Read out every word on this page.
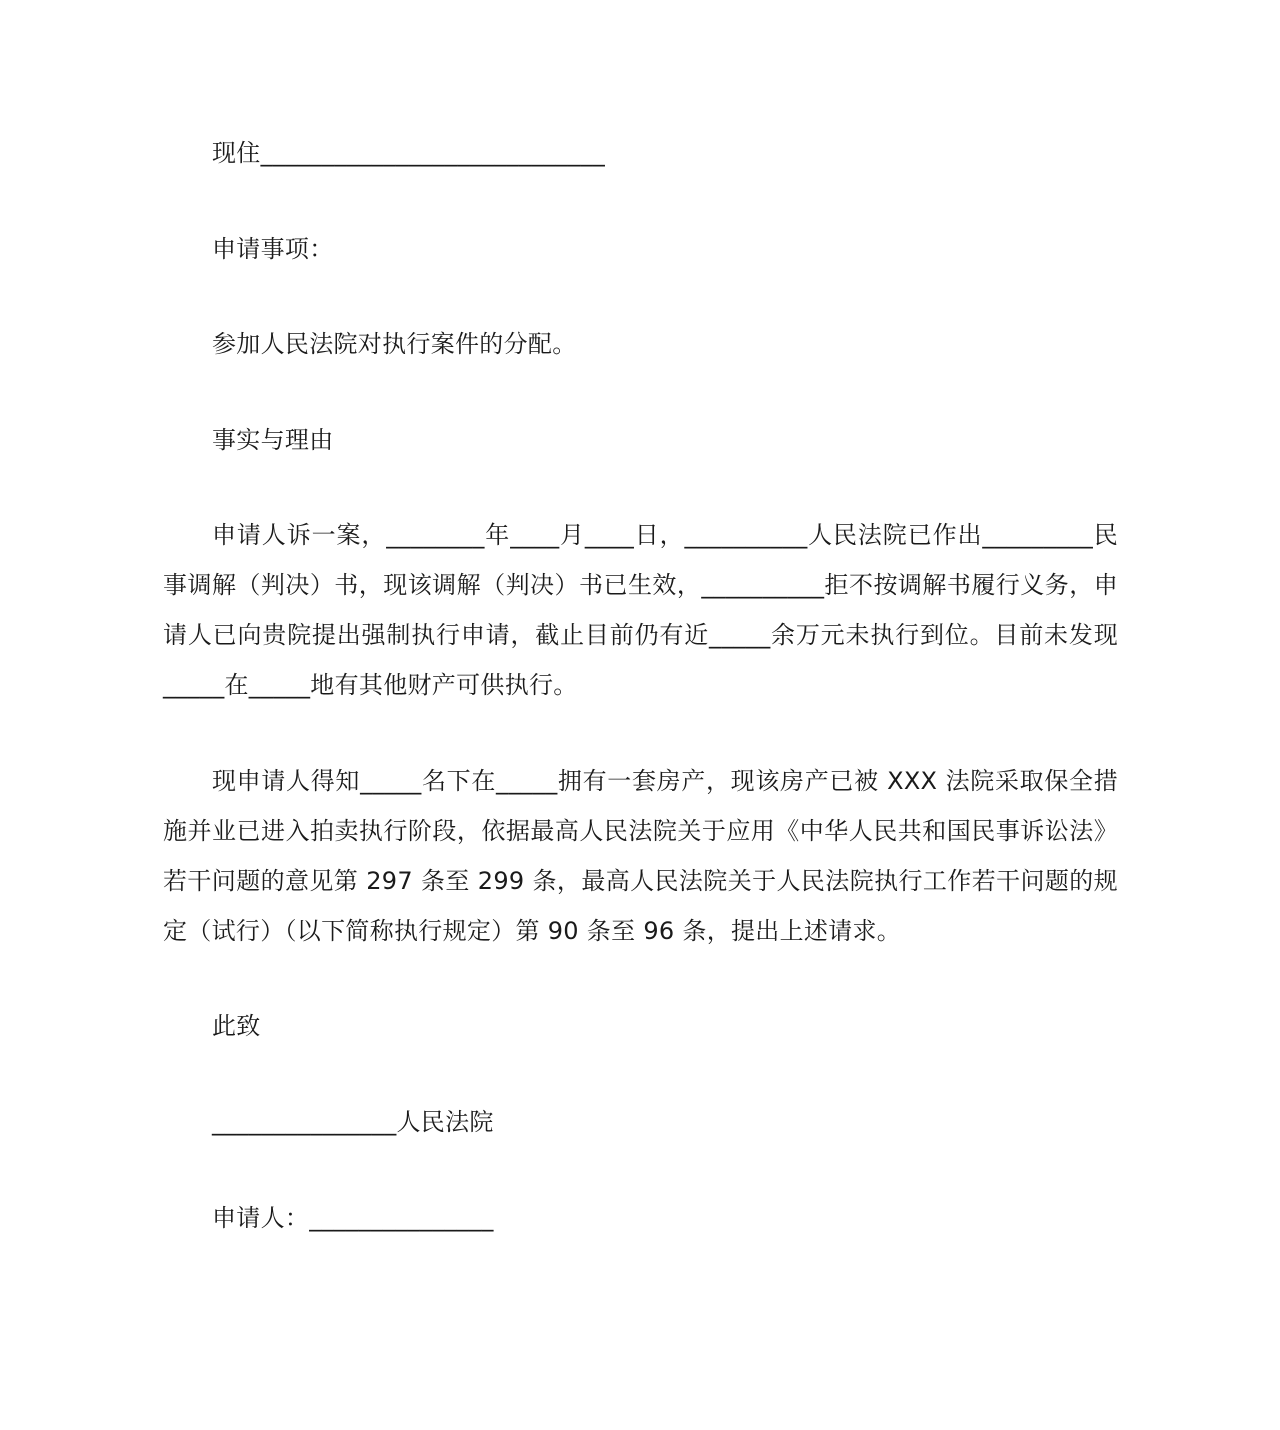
现住____________________________
申请事项：
参加人民法院对执行案件的分配。
事实与理由

申请人诉一案，________年____月____日，__________人民法院已作出_________民事调解（判决）书，现该调解（判决）书已生效，__________拒不按调解书履行义务，申请人已向贵院提出强制执行申请，截止目前仍有近_____余万元未执行到位。目前未发现_____在_____地有其他财产可供执行。

现申请人得知_____名下在_____拥有一套房产，现该房产已被 XXX 法院采取保全措施并业已进入拍卖执行阶段，依据最高人民法院关于应用《中华人民共和国民事诉讼法》若干问题的意见第 297 条至 299 条，最高人民法院关于人民法院执行工作若干问题的规定（试行）（以下简称执行规定）第 90 条至 96 条，提出上述请求。

此致
_______________人民法院
申请人：_______________
